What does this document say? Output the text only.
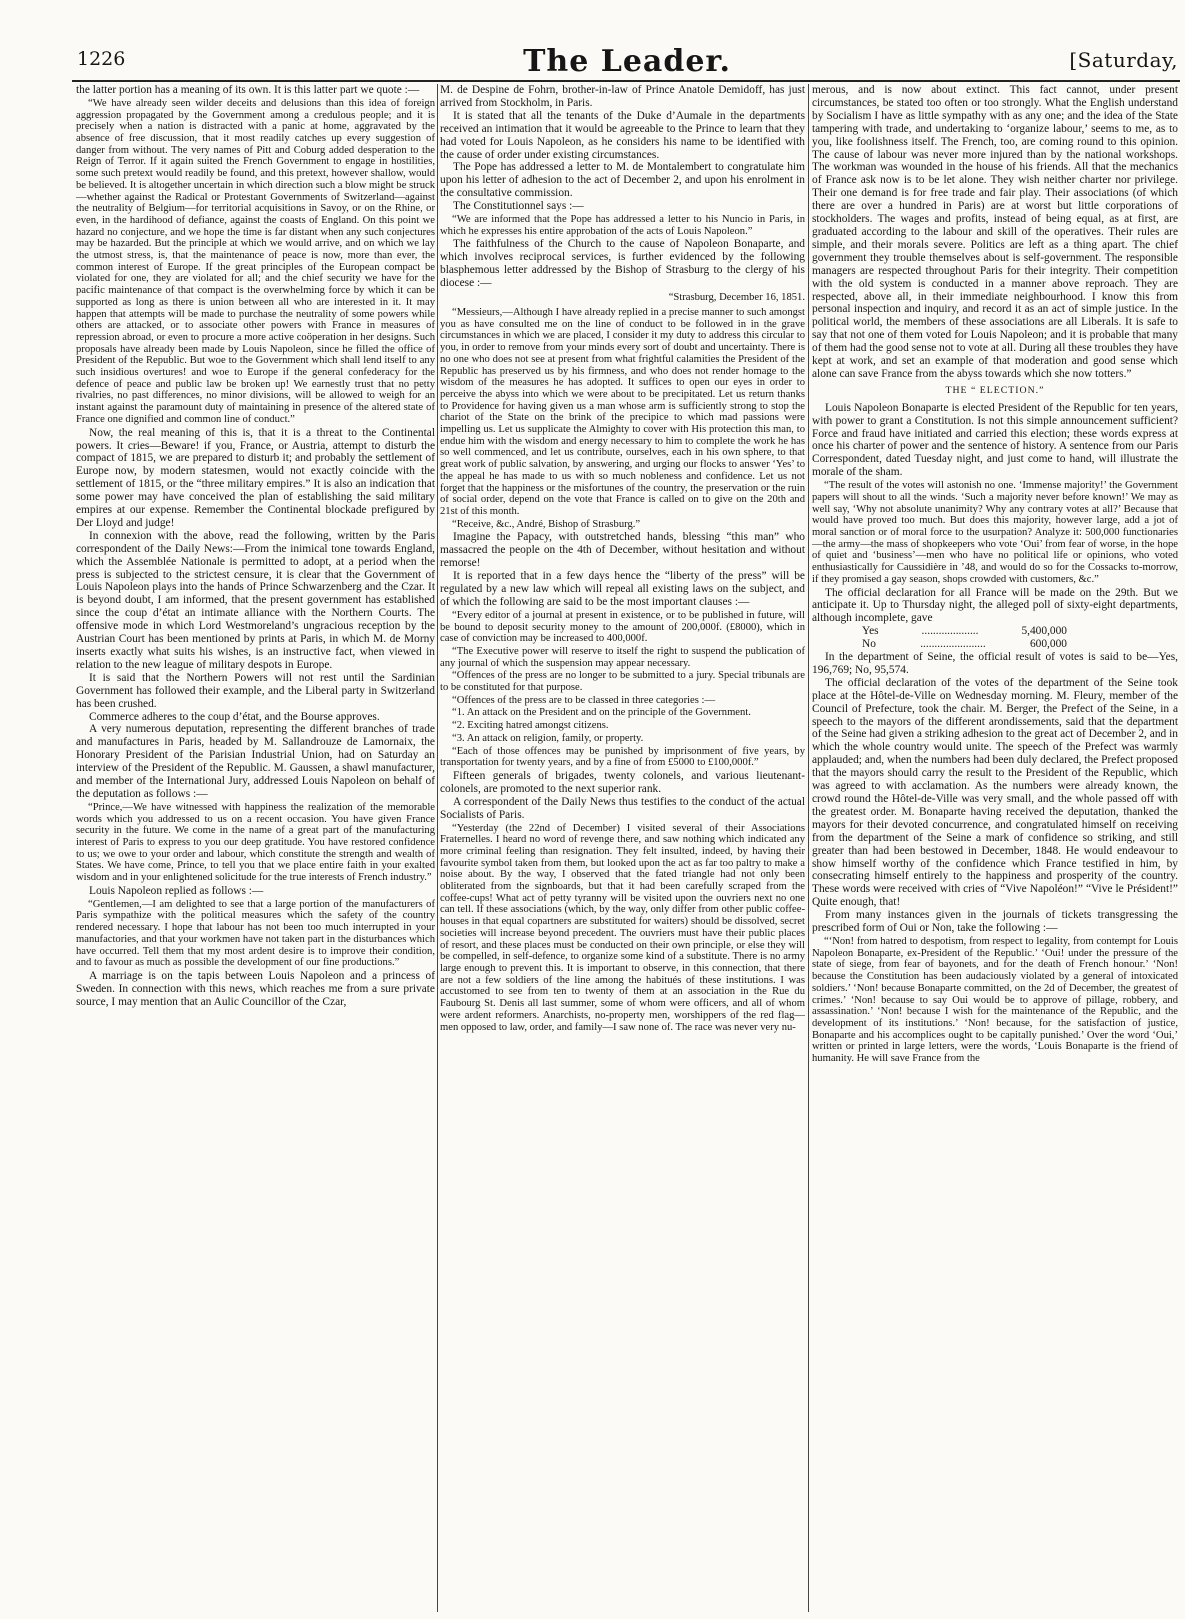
1226	The Leader.	[Saturday,

the latter portion has a meaning of its own. It is this latter part we quote :—

“We have already seen wilder deceits and delusions than this idea of foreign aggression propagated by the Government among a credulous people; and it is precisely when a nation is distracted with a panic at home, aggravated by the absence of free discussion, that it most readily catches up every suggestion of danger from without. The very names of Pitt and Coburg added desperation to the Reign of Terror. If it again suited the French Government to engage in hostilities, some such pretext would readily be found, and this pretext, however shallow, would be believed. It is altogether uncertain in which direction such a blow might be struck—whether against the Radical or Protestant Governments of Switzerland—against the neutrality of Belgium—for territorial acquisitions in Savoy, or on the Rhine, or even, in the hardihood of defiance, against the coasts of England. On this point we hazard no conjecture, and we hope the time is far distant when any such conjectures may be hazarded. But the principle at which we would arrive, and on which we lay the utmost stress, is, that the maintenance of peace is now, more than ever, the common interest of Europe. If the great principles of the European compact be violated for one, they are violated for all; and the chief security we have for the pacific maintenance of that compact is the overwhelming force by which it can be supported as long as there is union between all who are interested in it. It may happen that attempts will be made to purchase the neutrality of some powers while others are attacked, or to associate other powers with France in measures of repression abroad, or even to procure a more active coöperation in her designs. Such proposals have already been made by Louis Napoleon, since he filled the office of President of the Republic. But woe to the Government which shall lend itself to any such insidious overtures! and woe to Europe if the general confederacy for the defence of peace and public law be broken up! We earnestly trust that no petty rivalries, no past differences, no minor divisions, will be allowed to weigh for an instant against the paramount duty of maintaining in presence of the altered state of France one dignified and common line of conduct.”

Now, the real meaning of this is, that it is a threat to the Continental powers. It cries—Beware! if you, France, or Austria, attempt to disturb the compact of 1815, we are prepared to disturb it; and probably the settlement of Europe now, by modern statesmen, would not exactly coincide with the settlement of 1815, or the “three military empires.” It is also an indication that some power may have conceived the plan of establishing the said military empires at our expense. Remember the Continental blockade prefigured by Der Lloyd and judge!

In connexion with the above, read the following, written by the Paris correspondent of the Daily News:—From the inimical tone towards England, which the Assemblée Nationale is permitted to adopt, at a period when the press is subjected to the strictest censure, it is clear that the Government of Louis Napoleon plays into the hands of Prince Schwarzenberg and the Czar. It is beyond doubt, I am informed, that the present government has established since the coup d’état an intimate alliance with the Northern Courts. The offensive mode in which Lord Westmoreland’s ungracious reception by the Austrian Court has been mentioned by prints at Paris, in which M. de Morny inserts exactly what suits his wishes, is an instructive fact, when viewed in relation to the new league of military despots in Europe.

It is said that the Northern Powers will not rest until the Sardinian Government has followed their example, and the Liberal party in Switzerland has been crushed.

Commerce adheres to the coup d’état, and the Bourse approves.

A very numerous deputation, representing the different branches of trade and manufactures in Paris, headed by M. Sallandrouze de Lamornaix, the Honorary President of the Parisian Industrial Union, had on Saturday an interview of the President of the Republic. M. Gaussen, a shawl manufacturer, and member of the International Jury, addressed Louis Napoleon on behalf of the deputation as follows :—

“Prince,—We have witnessed with happiness the realization of the memorable words which you addressed to us on a recent occasion. You have given France security in the future. We come in the name of a great part of the manufacturing interest of Paris to express to you our deep gratitude. You have restored confidence to us; we owe to your order and labour, which constitute the strength and wealth of States. We have come, Prince, to tell you that we place entire faith in your exalted wisdom and in your enlightened solicitude for the true interests of French industry.”

Louis Napoleon replied as follows :—

“Gentlemen,—I am delighted to see that a large portion of the manufacturers of Paris sympathize with the political measures which the safety of the country rendered necessary. I hope that labour has not been too much interrupted in your manufactories, and that your workmen have not taken part in the disturbances which have occurred. Tell them that my most ardent desire is to improve their condition, and to favour as much as possible the development of our fine productions.”

A marriage is on the tapis between Louis Napoleon and a princess of Sweden. In connection with this news, which reaches me from a sure private source, I may mention that an Aulic Councillor of the Czar,

M. de Despine de Fohrn, brother-in-law of Prince Anatole Demidoff, has just arrived from Stockholm, in Paris.

It is stated that all the tenants of the Duke d’Aumale in the departments received an intimation that it would be agreeable to the Prince to learn that they had voted for Louis Napoleon, as he considers his name to be identified with the cause of order under existing circumstances.

The Pope has addressed a letter to M. de Montalembert to congratulate him upon his letter of adhesion to the act of December 2, and upon his enrolment in the consultative commission.

The Constitutionnel says :—

“We are informed that the Pope has addressed a letter to his Nuncio in Paris, in which he expresses his entire approbation of the acts of Louis Napoleon.”

The faithfulness of the Church to the cause of Napoleon Bonaparte, and which involves reciprocal services, is further evidenced by the following blasphemous letter addressed by the Bishop of Strasburg to the clergy of his diocese :—

“Strasburg, December 16, 1851.

“Messieurs,—Although I have already replied in a precise manner to such amongst you as have consulted me on the line of conduct to be followed in in the grave circumstances in which we are placed, I consider it my duty to address this circular to you, in order to remove from your minds every sort of doubt and uncertainty. There is no one who does not see at present from what frightful calamities the President of the Republic has preserved us by his firmness, and who does not render homage to the wisdom of the measures he has adopted. It suffices to open our eyes in order to perceive the abyss into which we were about to be precipitated. Let us return thanks to Providence for having given us a man whose arm is sufficiently strong to stop the chariot of the State on the brink of the precipice to which mad passions were impelling us. Let us supplicate the Almighty to cover with His protection this man, to endue him with the wisdom and energy necessary to him to complete the work he has so well commenced, and let us contribute, ourselves, each in his own sphere, to that great work of public salvation, by answering, and urging our flocks to answer ‘Yes’ to the appeal he has made to us with so much nobleness and confidence. Let us not forget that the happiness or the misfortunes of the country, the preservation or the ruin of social order, depend on the vote that France is called on to give on the 20th and 21st of this month.

“Receive, &c., André, Bishop of Strasburg.”

Imagine the Papacy, with outstretched hands, blessing “this man” who massacred the people on the 4th of December, without hesitation and without remorse!

It is reported that in a few days hence the “liberty of the press” will be regulated by a new law which will repeal all existing laws on the subject, and of which the following are said to be the most important clauses :—

“Every editor of a journal at present in existence, or to be published in future, will be bound to deposit security money to the amount of 200,000f. (£8000), which in case of conviction may be increased to 400,000f.

“The Executive power will reserve to itself the right to suspend the publication of any journal of which the suspension may appear necessary.

“Offences of the press are no longer to be submitted to a jury. Special tribunals are to be constituted for that purpose.

“Offences of the press are to be classed in three categories :—

“1. An attack on the President and on the principle of the Government.

“2. Exciting hatred amongst citizens.

“3. An attack on religion, family, or property.

“Each of those offences may be punished by imprisonment of five years, by transportation for twenty years, and by a fine of from £5000 to £100,000f.”

Fifteen generals of brigades, twenty colonels, and various lieutenant-colonels, are promoted to the next superior rank.

A correspondent of the Daily News thus testifies to the conduct of the actual Socialists of Paris.

“Yesterday (the 22nd of December) I visited several of their Associations Fraternelles. I heard no word of revenge there, and saw nothing which indicated any more criminal feeling than resignation. They felt insulted, indeed, by having their favourite symbol taken from them, but looked upon the act as far too paltry to make a noise about. By the way, I observed that the fated triangle had not only been obliterated from the signboards, but that it had been carefully scraped from the coffee-cups! What act of petty tyranny will be visited upon the ouvriers next no one can tell. If these associations (which, by the way, only differ from other public coffee-houses in that equal copartners are substituted for waiters) should be dissolved, secret societies will increase beyond precedent. The ouvriers must have their public places of resort, and these places must be conducted on their own principle, or else they will be compelled, in self-defence, to organize some kind of a substitute. There is no army large enough to prevent this. It is important to observe, in this connection, that there are not a few soldiers of the line among the habitués of these institutions. I was accustomed to see from ten to twenty of them at an association in the Rue du Faubourg St. Denis all last summer, some of whom were officers, and all of whom were ardent reformers. Anarchists, no-property men, worshippers of the red flag—men opposed to law, order, and family—I saw none of. The race was never very nu-

merous, and is now about extinct. This fact cannot, under present circumstances, be stated too often or too strongly. What the English understand by Socialism I have as little sympathy with as any one; and the idea of the State tampering with trade, and undertaking to ‘organize labour,’ seems to me, as to you, like foolishness itself. The French, too, are coming round to this opinion. The cause of labour was never more injured than by the national workshops. The workman was wounded in the house of his friends. All that the mechanics of France ask now is to be let alone. They wish neither charter nor privilege. Their one demand is for free trade and fair play. Their associations (of which there are over a hundred in Paris) are at worst but little corporations of stockholders. The wages and profits, instead of being equal, as at first, are graduated according to the labour and skill of the operatives. Their rules are simple, and their morals severe. Politics are left as a thing apart. The chief government they trouble themselves about is self-government. The responsible managers are respected throughout Paris for their integrity. Their competition with the old system is conducted in a manner above reproach. They are respected, above all, in their immediate neighbourhood. I know this from personal inspection and inquiry, and record it as an act of simple justice. In the political world, the members of these associations are all Liberals. It is safe to say that not one of them voted for Louis Napoleon; and it is probable that many of them had the good sense not to vote at all. During all these troubles they have kept at work, and set an example of that moderation and good sense which alone can save France from the abyss towards which she now totters.”

THE “ ELECTION.”

Louis Napoleon Bonaparte is elected President of the Republic for ten years, with power to grant a Constitution. Is not this simple announcement sufficient? Force and fraud have initiated and carried this election; these words express at once his charter of power and the sentence of history. A sentence from our Paris Correspondent, dated Tuesday night, and just come to hand, will illustrate the morale of the sham.

“The result of the votes will astonish no one. ‘Immense majority!’ the Government papers will shout to all the winds. ‘Such a majority never before known!’ We may as well say, ‘Why not absolute unanimity? Why any contrary votes at all?’ Because that would have proved too much. But does this majority, however large, add a jot of moral sanction or of moral force to the usurpation? Analyze it: 500,000 functionaries—the army—the mass of shopkeepers who vote ‘Oui’ from fear of worse, in the hope of quiet and ‘business’—men who have no political life or opinions, who voted enthusiastically for Caussidière in ’48, and would do so for the Cossacks to-morrow, if they promised a gay season, shops crowded with customers, &c.”

The official declaration for all France will be made on the 29th. But we anticipate it. Up to Thursday night, the alleged poll of sixty-eight departments, although incomplete, gave

Yes	....................	5,400,000
No	.......................	600,000

In the department of Seine, the official result of votes is said to be—Yes, 196,769; No, 95,574.

The official declaration of the votes of the department of the Seine took place at the Hôtel-de-Ville on Wednesday morning. M. Fleury, member of the Council of Prefecture, took the chair. M. Berger, the Prefect of the Seine, in a speech to the mayors of the different arondissements, said that the department of the Seine had given a striking adhesion to the great act of December 2, and in which the whole country would unite. The speech of the Prefect was warmly applauded; and, when the numbers had been duly declared, the Prefect proposed that the mayors should carry the result to the President of the Republic, which was agreed to with acclamation. As the numbers were already known, the crowd round the Hôtel-de-Ville was very small, and the whole passed off with the greatest order. M. Bonaparte having received the deputation, thanked the mayors for their devoted concurrence, and congratulated himself on receiving from the department of the Seine a mark of confidence so striking, and still greater than had been bestowed in December, 1848. He would endeavour to show himself worthy of the confidence which France testified in him, by consecrating himself entirely to the happiness and prosperity of the country. These words were received with cries of “Vive Napoléon!” “Vive le Président!” Quite enough, that!

From many instances given in the journals of tickets transgressing the prescribed form of Oui or Non, take the following :—

“‘Non! from hatred to despotism, from respect to legality, from contempt for Louis Napoleon Bonaparte, ex-President of the Republic.’ ‘Oui! under the pressure of the state of siege, from fear of bayonets, and for the death of French honour.’ ‘Non! because the Constitution has been audaciously violated by a general of intoxicated soldiers.’ ‘Non! because Bonaparte committed, on the 2d of December, the greatest of crimes.’ ‘Non! because to say Oui would be to approve of pillage, robbery, and assassination.’ ‘Non! because I wish for the maintenance of the Republic, and the development of its institutions.’ ‘Non! because, for the satisfaction of justice, Bonaparte and his accomplices ought to be capitally punished.’ Over the word ‘Oui,’ written or printed in large letters, were the words, ‘Louis Bonaparte is the friend of humanity. He will save France from the
